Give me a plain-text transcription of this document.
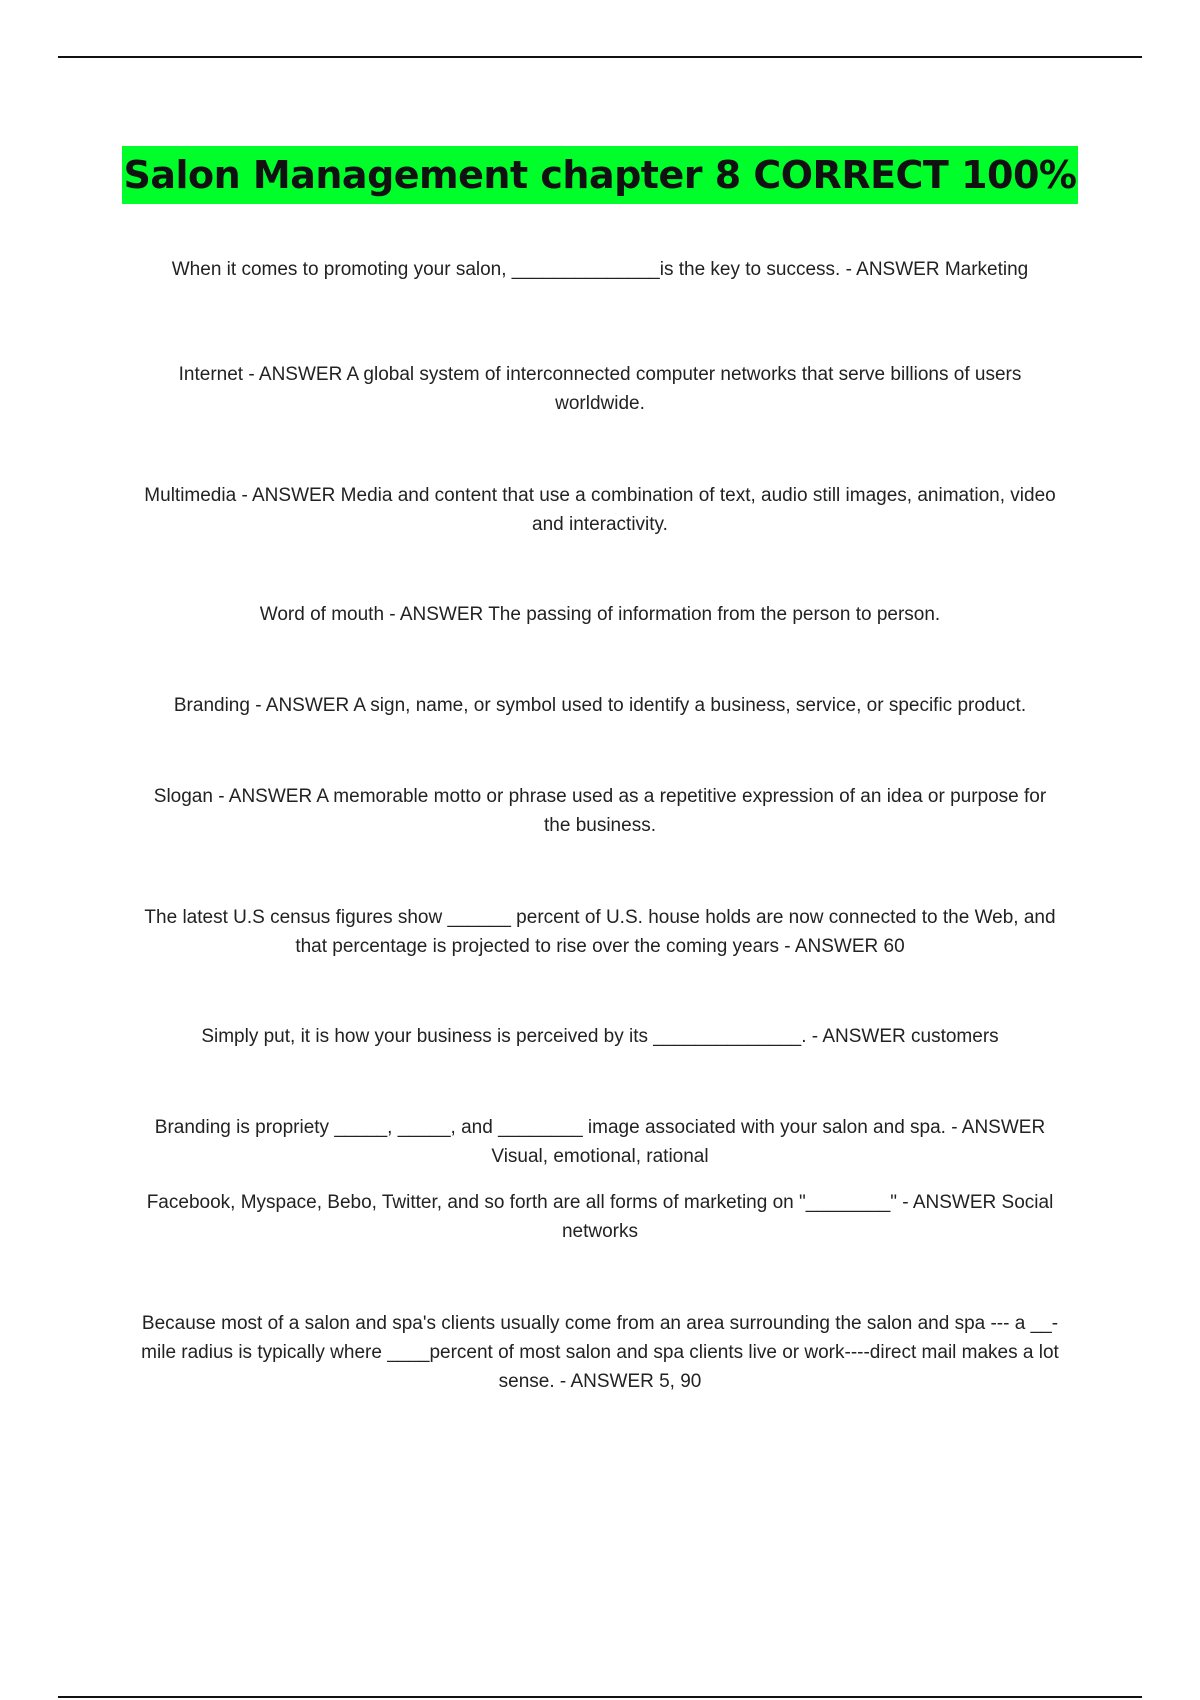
Salon Management chapter 8 CORRECT 100%

When it comes to promoting your salon, ______________is the key to success. - ANSWER Marketing

Internet - ANSWER A global system of interconnected computer networks that serve billions of users worldwide.

Multimedia - ANSWER Media and content that use a combination of text, audio still images, animation, video and interactivity.

Word of mouth - ANSWER The passing of information from the person to person.

Branding - ANSWER A sign, name, or symbol used to identify a business, service, or specific product.

Slogan - ANSWER A memorable motto or phrase used as a repetitive expression of an idea or purpose for the business.

The latest U.S census figures show ______ percent of U.S. house holds are now connected to the Web, and that percentage is projected to rise over the coming years - ANSWER 60

Simply put, it is how your business is perceived by its ______________. - ANSWER customers

Branding is propriety _____, _____, and ________ image associated with your salon and spa. - ANSWER Visual, emotional, rational

Facebook, Myspace, Bebo, Twitter, and so forth are all forms of marketing on "________" - ANSWER Social networks

Because most of a salon and spa's clients usually come from an area surrounding the salon and spa --- a __-mile radius is typically where ____percent of most salon and spa clients live or work----direct mail makes a lot sense. - ANSWER 5, 90
